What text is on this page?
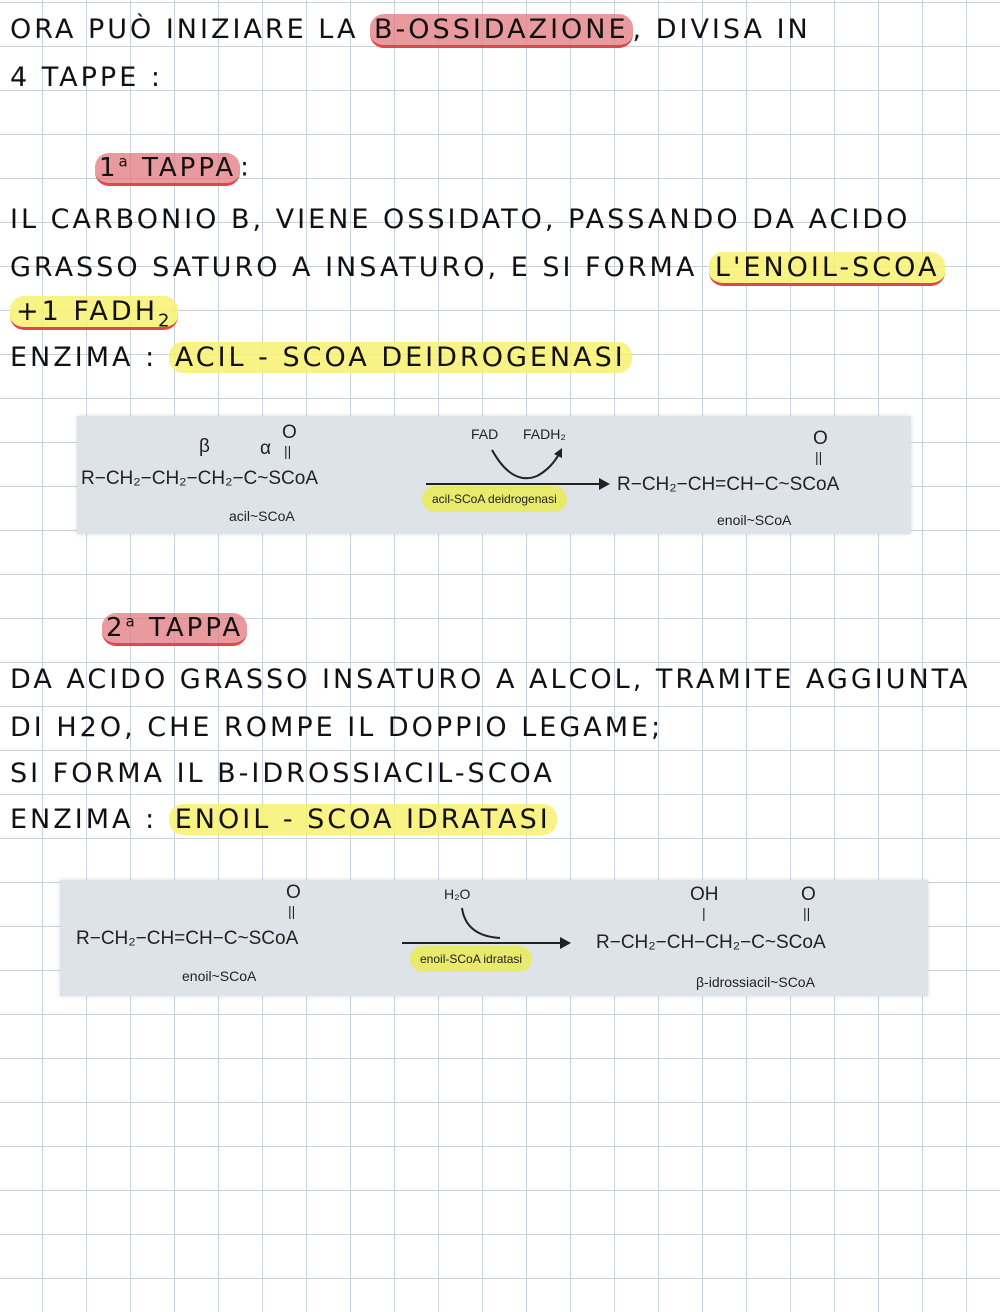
ORA PUÒ INIZIARE LA Β-OSSIDAZIONE , DIVISA IN
4 TAPPE :
1$^a$ TAPPA :
IL CARBONIO Β, VIENE OSSIDATO, PASSANDO DA ACIDO
GRASSO SATURO A INSATURO, E SI FORMA L'ENOIL-SCOA
+1 $FADH_2$
ENZIMA : ACIL - SCOA DEIDROGENASI
O
||
β	α
R−CH₂−CH₂−CH₂−C~SCoA
acil~SCoA
FAD FADH₂
acil-SCoA deidrogenasi
O
||
R−CH₂−CH=CH−C~SCoA
enoil~SCoA
2$^a$ TAPPA
DA ACIDO GRASSO INSATURO A ALCOL, TRAMITE AGGIUNTA
DI H2O, CHE ROMPE IL DOPPIO LEGAME;
SI FORMA IL Β-IDROSSIACIL-SCOA
ENZIMA : ENOIL - SCOA IDRATASI
O
||
R−CH₂−CH=CH−C~SCoA
enoil~SCoA
H₂O
enoil-SCoA idratasi
OH
|
O
||
R−CH₂−CH−CH₂−C~SCoA
β-idrossiacil~SCoA
